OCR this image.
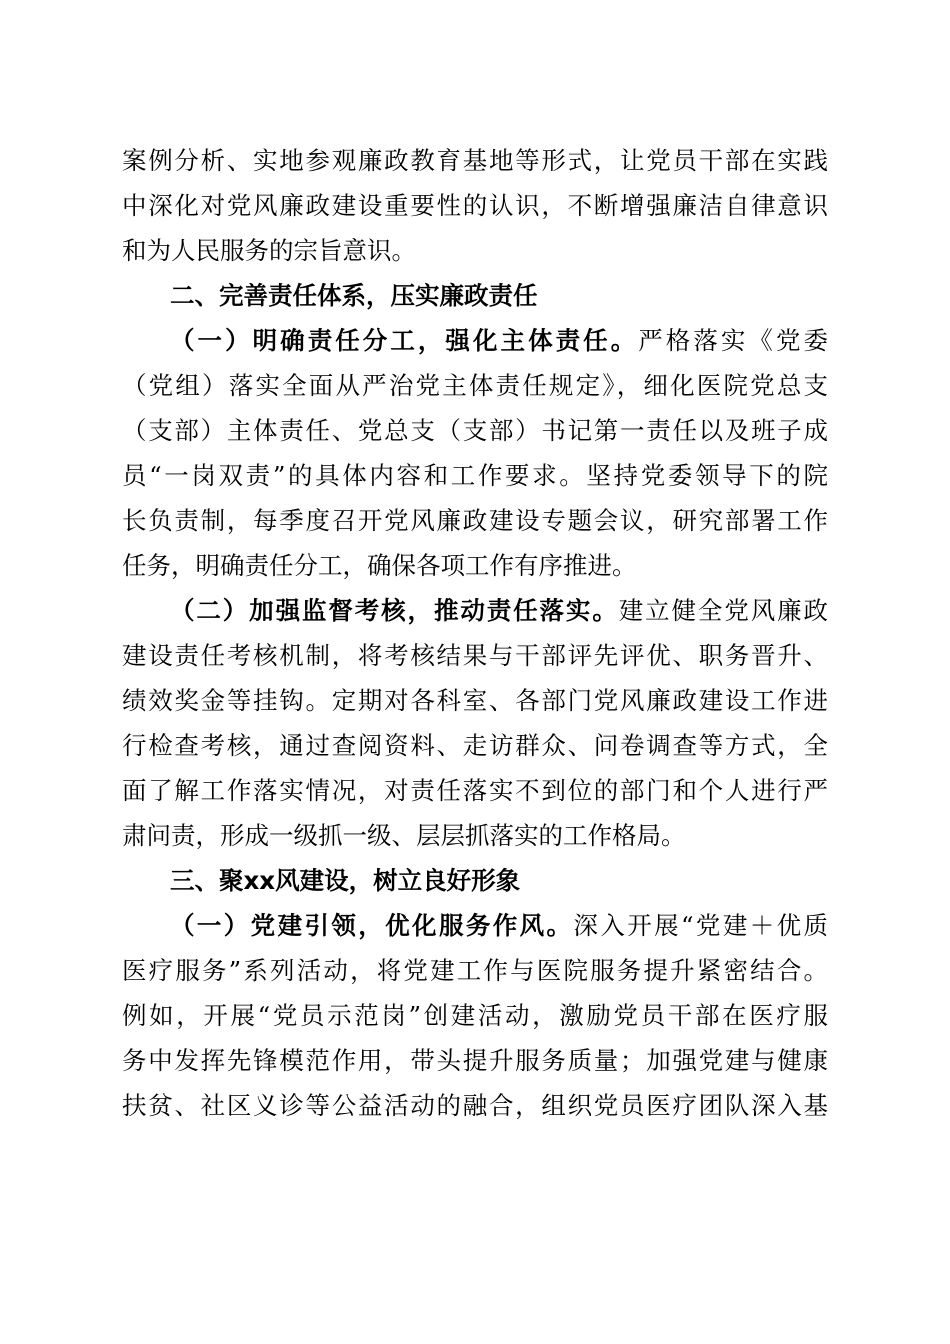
案例分析、实地参观廉政教育基地等形式，让党员干部在实践
中深化对党风廉政建设重要性的认识，不断增强廉洁自律意识
和为人民服务的宗旨意识。
二、完善责任体系，压实廉政责任
（一）明确责任分工，强化主体责任。严格落实《党委
（党组）落实全面从严治党主体责任规定》，细化医院党总支
（支部）主体责任、党总支（支部）书记第一责任以及班子成
员“一岗双责”的具体内容和工作要求。坚持党委领导下的院
长负责制，每季度召开党风廉政建设专题会议，研究部署工作
任务，明确责任分工，确保各项工作有序推进。
（二）加强监督考核，推动责任落实。建立健全党风廉政
建设责任考核机制，将考核结果与干部评先评优、职务晋升、
绩效奖金等挂钩。定期对各科室、各部门党风廉政建设工作进
行检查考核，通过查阅资料、走访群众、问卷调查等方式，全
面了解工作落实情况，对责任落实不到位的部门和个人进行严
肃问责，形成一级抓一级、层层抓落实的工作格局。
三、聚xx风建设，树立良好形象
（一）党建引领，优化服务作风。深入开展“党建＋优质
医疗服务”系列活动，将党建工作与医院服务提升紧密结合。
例如，开展“党员示范岗”创建活动，激励党员干部在医疗服
务中发挥先锋模范作用，带头提升服务质量；加强党建与健康
扶贫、社区义诊等公益活动的融合，组织党员医疗团队深入基
